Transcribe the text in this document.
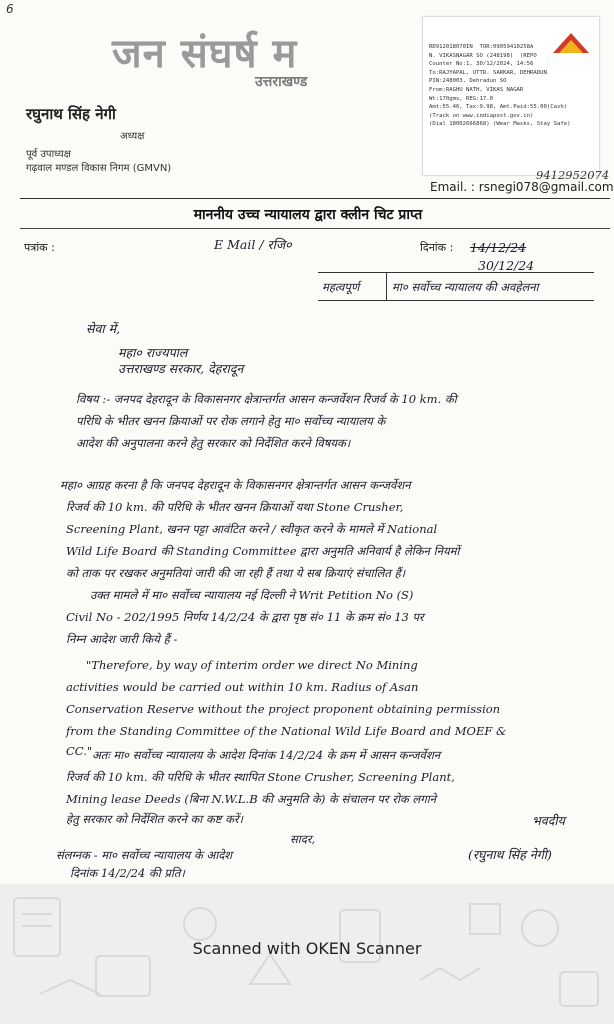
6
जन संघर्ष म
उत्तराखण्ड
रघुनाथ सिंह नेगी
अध्यक्ष
पूर्व उपाध्यक्ष
गढ़वाल मण्डल विकास निगम (GMVN)
RD912018070IN  TOR:09059410258A
N. VIKASNAGAR SO (248198)  (REPO
Counter No:1, 30/12/2024, 14:56
To:RAJYAPAL, UTTR. SARKAR, DEHRADUN
PIN:248003, Dehradun SO
From:RAGHU NATH, VIKAS NAGAR
Wt:170gms, REG:17.0
Amt:55.46, Tax:9.98, Amt.Paid:55.00(Cash)
(Track on www.indiapost.gov.in)
(Dial 18002666868) (Wear Masks, Stay Safe)
9412952074
Email. : rsnegi078@gmail.com
माननीय उच्च न्यायालय द्वारा क्लीन चिट प्राप्त
पत्रांक :	दिनांक :
E Mail / रजि०	14/12/24
30/12/24
महत्वपूर्ण	मा० सर्वोच्च न्यायालय की अवहेलना
सेवा में,
महा० राज्यपाल
उत्तराखण्ड सरकार, देहरादून
विषय :- जनपद देहरादून के विकासनगर क्षेत्रान्तर्गत आसन कन्जर्वेशन रिजर्व के 10 km. की
परिधि के भीतर खनन क्रियाओं पर रोक लगाने हेतु मा० सर्वोच्च न्यायालय के
आदेश की अनुपालना करने हेतु सरकार को निर्देशित करने विषयक।
महा० आग्रह करना है कि जनपद देहरादून के विकासनगर क्षेत्रान्तर्गत आसन कन्जर्वेशन
रिजर्व की 10 km. की परिधि के भीतर खनन क्रियाओं यथा Stone Crusher,
Screening Plant, खनन पट्टा आवंटित करने / स्वीकृत करने के मामले में National
Wild Life Board की Standing Committee द्वारा अनुमति अनिवार्य है लेकिन नियमों
को ताक पर रखकर अनुमतियां जारी की जा रही हैं तथा ये सब क्रियाएं संचालित हैं।
उक्त मामले में मा० सर्वोच्च न्यायालय नई दिल्ली ने Writ Petition No (S)
Civil No - 202/1995 निर्णय 14/2/24 के द्वारा पृष्ठ सं० 11 के क्रम सं० 13 पर
निम्न आदेश जारी किये हैं -
"Therefore, by way of interim order we direct No Mining
activities would be carried out within 10 km. Radius of Asan
Conservation Reserve without the project proponent obtaining permission
from the Standing Committee of the National Wild Life Board and MOEF &
CC." अतः मा० सर्वोच्च न्यायालय के आदेश दिनांक 14/2/24 के क्रम में आसन कन्जर्वेशन
रिजर्व की 10 km. की परिधि के भीतर स्थापित Stone Crusher, Screening Plant,
Mining lease Deeds (बिना N.W.L.B की अनुमति के) के संचालन पर रोक लगाने
हेतु सरकार को निर्देशित करने का कष्ट करें।	भवदीय
सादर,
(रघुनाथ सिंह नेगी)
संलग्नक - मा० सर्वोच्च न्यायालय के आदेश
दिनांक 14/2/24 की प्रति।
Scanned with OKEN Scanner
